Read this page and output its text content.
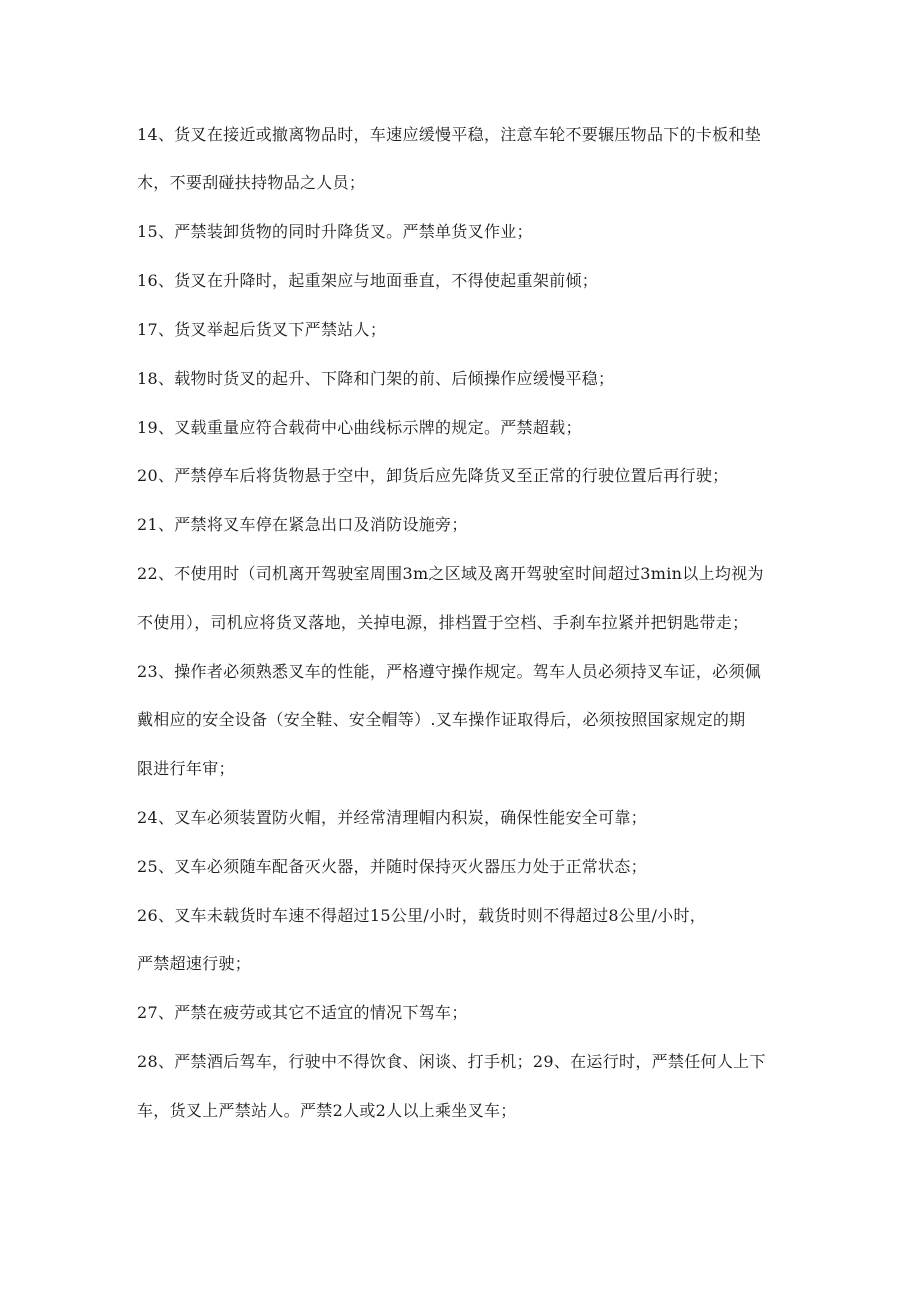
14、货叉在接近或撤离物品时，车速应缓慢平稳，注意车轮不要辗压物品下的卡板和垫
木，不要刮碰扶持物品之人员；
15、严禁装卸货物的同时升降货叉。严禁单货叉作业；
16、货叉在升降时，起重架应与地面垂直，不得使起重架前倾；
17、货叉举起后货叉下严禁站人；
18、载物时货叉的起升、下降和门架的前、后倾操作应缓慢平稳；
19、叉载重量应符合载荷中心曲线标示牌的规定。严禁超载；
20、严禁停车后将货物悬于空中，卸货后应先降货叉至正常的行驶位置后再行驶；
21、严禁将叉车停在紧急出口及消防设施旁；
22、不使用时（司机离开驾驶室周围3m之区域及离开驾驶室时间超过3min以上均视为
不使用），司机应将货叉落地，关掉电源，排档置于空档、手刹车拉紧并把钥匙带走；
23、操作者必须熟悉叉车的性能，严格遵守操作规定。驾车人员必须持叉车证，必须佩
戴相应的安全设备（安全鞋、安全帽等）.叉车操作证取得后，必须按照国家规定的期
限进行年审；
24、叉车必须装置防火帽，并经常清理帽内积炭，确保性能安全可靠；
25、叉车必须随车配备灭火器，并随时保持灭火器压力处于正常状态；
26、叉车未载货时车速不得超过15公里/小时，载货时则不得超过8公里/小时，
严禁超速行驶；
27、严禁在疲劳或其它不适宜的情况下驾车；
28、严禁酒后驾车，行驶中不得饮食、闲谈、打手机；29、在运行时，严禁任何人上下
车，货叉上严禁站人。严禁2人或2人以上乘坐叉车；
